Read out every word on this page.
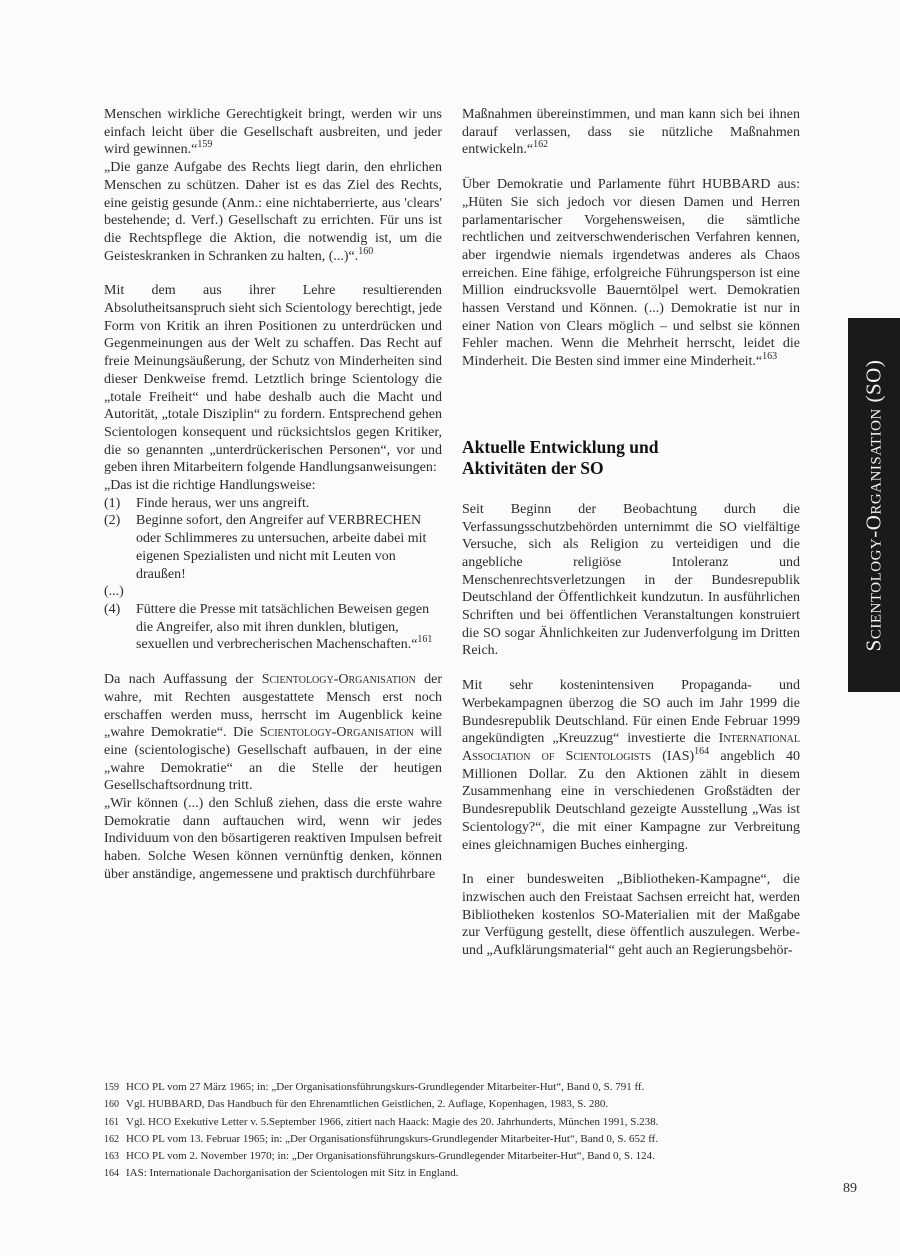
Menschen wirkliche Gerechtigkeit bringt, werden wir uns einfach leicht über die Gesellschaft ausbreiten, und jeder wird gewinnen.“$^{159}$

„Die ganze Aufgabe des Rechts liegt darin, den ehrlichen Menschen zu schützen. Daher ist es das Ziel des Rechts, eine geistig gesunde (Anm.: eine nichtaberrierte, aus 'clears' bestehende; d. Verf.) Gesellschaft zu errichten. Für uns ist die Rechtspflege die Aktion, die notwendig ist, um die Geisteskranken in Schranken zu halten, (...)“.$^{160}$

Mit dem aus ihrer Lehre resultierenden Absolutheitsanspruch sieht sich Scientology berechtigt, jede Form von Kritik an ihren Positionen zu unterdrücken und Gegenmeinungen aus der Welt zu schaffen. Das Recht auf freie Meinungsäußerung, der Schutz von Minderheiten sind dieser Denkweise fremd. Letztlich bringe Scientology die „totale Freiheit“ und habe deshalb auch die Macht und Autorität, „totale Disziplin“ zu fordern. Entsprechend gehen Scientologen konsequent und rücksichtslos gegen Kritiker, die so genannten „unterdrückerischen Personen“, vor und geben ihren Mitarbeitern folgende Handlungsanweisungen:

„Das ist die richtige Handlungsweise:

(1)	Finde heraus, wer uns angreift.
(2)	Beginne sofort, den Angreifer auf VERBRECHEN oder Schlimmeres zu untersuchen, arbeite dabei mit eigenen Spezialisten und nicht mit Leuten von draußen!
(...)
(4)	Füttere die Presse mit tatsächlichen Beweisen gegen die Angreifer, also mit ihren dunklen, blutigen, sexuellen und verbrecherischen Machenschaften.“$^{161}$

Da nach Auffassung der Scientology-Organisation der wahre, mit Rechten ausgestattete Mensch erst noch erschaffen werden muss, herrscht im Augenblick keine „wahre Demokratie“. Die Scientology-Organisation will eine (scientologische) Gesellschaft aufbauen, in der eine „wahre Demokratie“ an die Stelle der heutigen Gesellschaftsordnung tritt.

„Wir können (...) den Schluß ziehen, dass die erste wahre Demokratie dann auftauchen wird, wenn wir jedes Individuum von den bösartigeren reaktiven Impulsen befreit haben. Solche Wesen können vernünftig denken, können über anständige, angemessene und praktisch durchführbare

Maßnahmen übereinstimmen, und man kann sich bei ihnen darauf verlassen, dass sie nützliche Maßnahmen entwickeln.“$^{162}$

Über Demokratie und Parlamente führt HUBBARD aus: „Hüten Sie sich jedoch vor diesen Damen und Herren parlamentarischer Vorgehensweisen, die sämtliche rechtlichen und zeitverschwenderischen Verfahren kennen, aber irgendwie niemals irgendetwas anderes als Chaos erreichen. Eine fähige, erfolgreiche Führungsperson ist eine Million eindrucksvolle Bauerntölpel wert. Demokratien hassen Verstand und Können. (...) Demokratie ist nur in einer Nation von Clears möglich – und selbst sie können Fehler machen. Wenn die Mehrheit herrscht, leidet die Minderheit. Die Besten sind immer eine Minderheit.“$^{163}$

Aktuelle Entwicklung und Aktivitäten der SO

Seit Beginn der Beobachtung durch die Verfassungsschutzbehörden unternimmt die SO vielfältige Versuche, sich als Religion zu verteidigen und die angebliche religiöse Intoleranz und Menschenrechtsverletzungen in der Bundesrepublik Deutschland der Öffentlichkeit kundzutun. In ausführlichen Schriften und bei öffentlichen Veranstaltungen konstruiert die SO sogar Ähnlichkeiten zur Judenverfolgung im Dritten Reich.

Mit sehr kostenintensiven Propaganda- und Werbekampagnen überzog die SO auch im Jahr 1999 die Bundesrepublik Deutschland. Für einen Ende Februar 1999 angekündigten „Kreuzzug“ investierte die International Association of Scientologists (IAS)$^{164}$ angeblich 40 Millionen Dollar. Zu den Aktionen zählt in diesem Zusammenhang eine in verschiedenen Großstädten der Bundesrepublik Deutschland gezeigte Ausstellung „Was ist Scientology?“, die mit einer Kampagne zur Verbreitung eines gleichnamigen Buches einherging.

In einer bundesweiten „Bibliotheken-Kampagne“, die inzwischen auch den Freistaat Sachsen erreicht hat, werden Bibliotheken kostenlos SO-Materialien mit der Maßgabe zur Verfügung gestellt, diese öffentlich auszulegen. Werbe- und „Aufklärungsmaterial“ geht auch an Regierungsbehör-

Scientology-Organisation (SO)
159 HCO PL vom 27 März 1965; in: „Der Organisationsführungskurs-Grundlegender Mitarbeiter-Hut“, Band 0, S. 791 ff.
160 Vgl. HUBBARD, Das Handbuch für den Ehrenamtlichen Geistlichen, 2. Auflage, Kopenhagen, 1983, S. 280.
161 Vgl. HCO Exekutive Letter v. 5.September 1966, zitiert nach Haack: Magie des 20. Jahrhunderts, München 1991, S.238.
162 HCO PL vom 13. Februar 1965; in: „Der Organisationsführungskurs-Grundlegender Mitarbeiter-Hut“, Band 0, S. 652 ff.
163 HCO PL vom 2. November 1970; in: „Der Organisationsführungskurs-Grundlegender Mitarbeiter-Hut“, Band 0, S. 124.
164 IAS: Internationale Dachorganisation der Scientologen mit Sitz in England.
89
